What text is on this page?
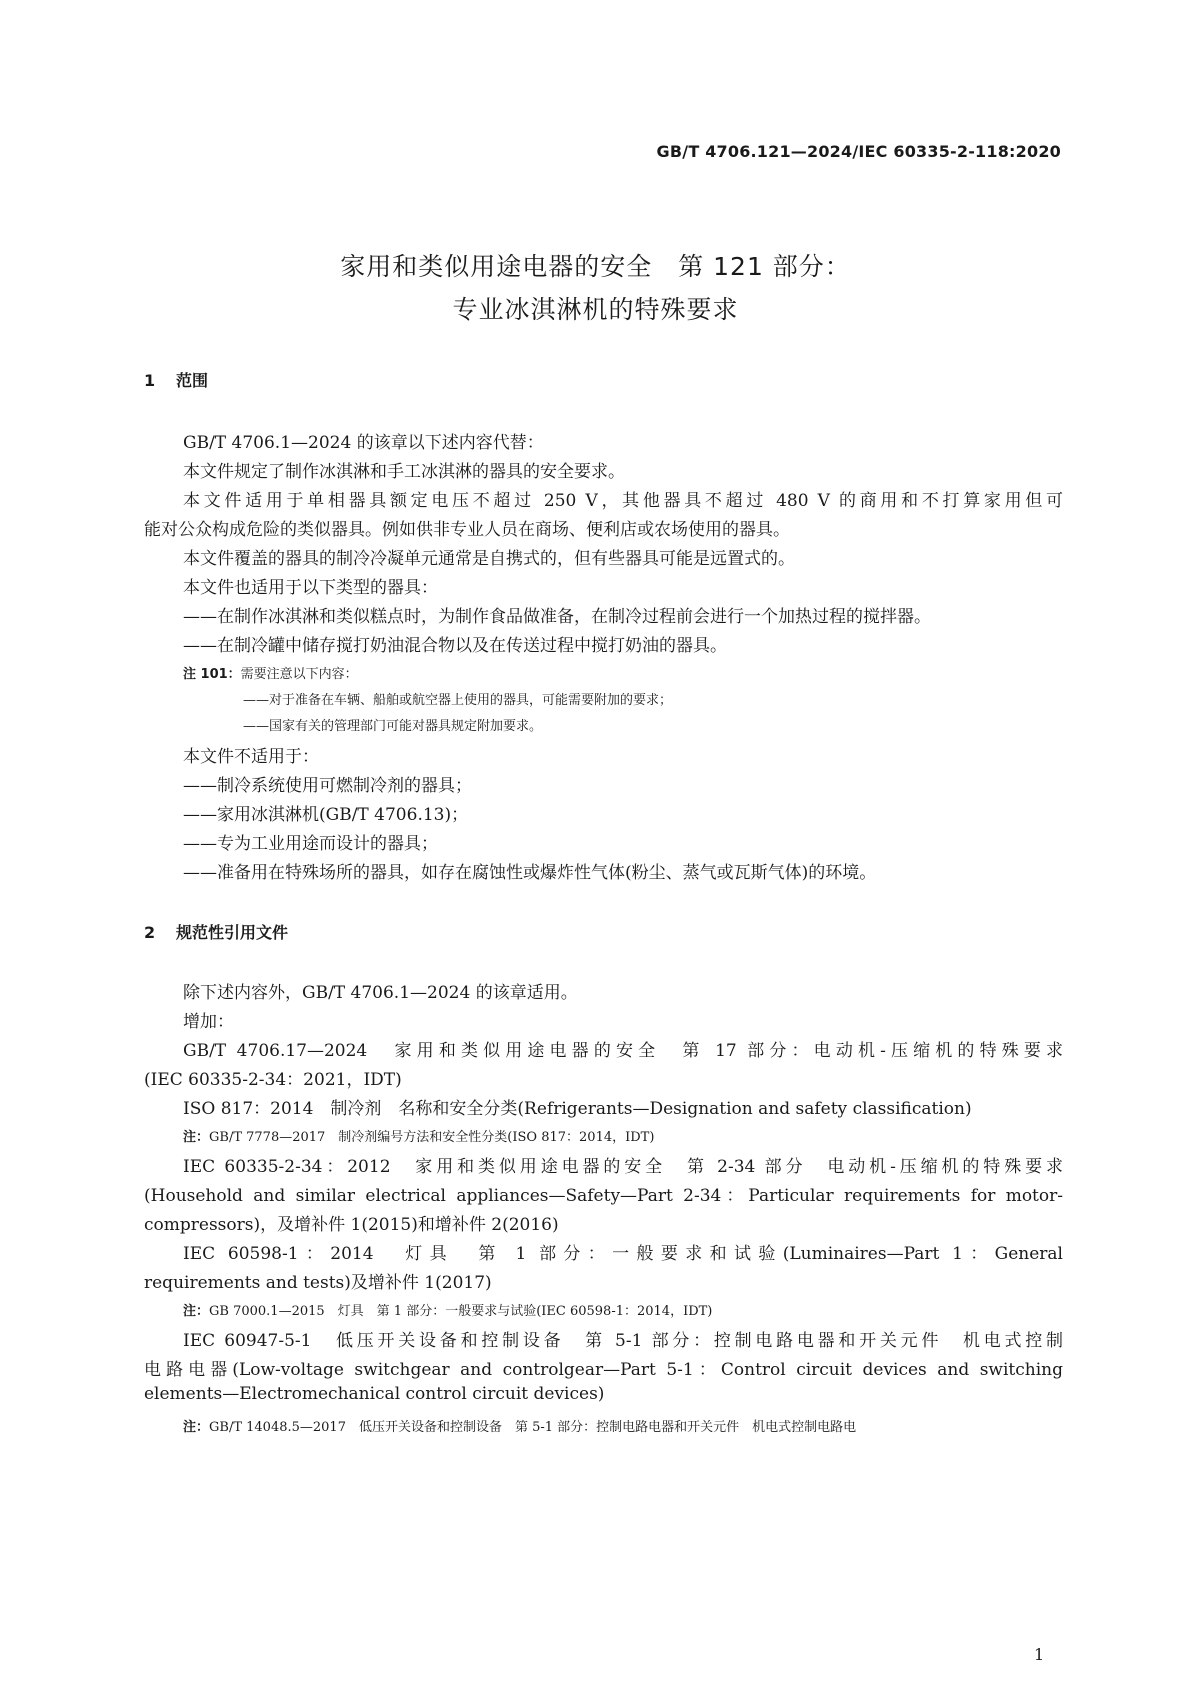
GB/T 4706.121—2024/IEC 60335-2-118:2020
家用和类似用途电器的安全　第 121 部分：
专业冰淇淋机的特殊要求
1 范围
GB/T 4706.1—2024 的该章以下述内容代替：
本文件规定了制作冰淇淋和手工冰淇淋的器具的安全要求。
本文件适用于单相器具额定电压不超过 250 V，其他器具不超过 480 V 的商用和不打算家用但可
能对公众构成危险的类似器具。例如供非专业人员在商场、便利店或农场使用的器具。
本文件覆盖的器具的制冷冷凝单元通常是自携式的，但有些器具可能是远置式的。
本文件也适用于以下类型的器具：
——在制作冰淇淋和类似糕点时，为制作食品做准备，在制冷过程前会进行一个加热过程的搅拌器。
——在制冷罐中储存搅打奶油混合物以及在传送过程中搅打奶油的器具。
注 101：需要注意以下内容：
——对于准备在车辆、船舶或航空器上使用的器具，可能需要附加的要求；
——国家有关的管理部门可能对器具规定附加要求。
本文件不适用于：
——制冷系统使用可燃制冷剂的器具；
——家用冰淇淋机(GB/T 4706.13)；
——专为工业用途而设计的器具；
——准备用在特殊场所的器具，如存在腐蚀性或爆炸性气体(粉尘、蒸气或瓦斯气体)的环境。
2 规范性引用文件
除下述内容外，GB/T 4706.1—2024 的该章适用。
增加：
GB/T 4706.17—2024　家用和类似用途电器的安全　第 17 部分：电动机-压缩机的特殊要求
(IEC 60335-2-34：2021，IDT)
ISO 817：2014　制冷剂　名称和安全分类(Refrigerants—Designation and safety classification)
注：GB/T 7778—2017　制冷剂编号方法和安全性分类(ISO 817：2014，IDT)
IEC 60335-2-34：2012　家用和类似用途电器的安全　第 2-34 部分　电动机-压缩机的特殊要求
(Household and similar electrical appliances—Safety—Part 2-34：Particular requirements for motor-
compressors)，及增补件 1(2015)和增补件 2(2016)
IEC 60598-1：2014　灯具　第 1 部分：一般要求和试验(Luminaires—Part 1：General
requirements and tests)及增补件 1(2017)
注：GB 7000.1—2015　灯具　第 1 部分：一般要求与试验(IEC 60598-1：2014，IDT)
IEC 60947-5-1　低压开关设备和控制设备　第 5-1 部分：控制电路电器和开关元件　机电式控制
电路电器(Low-voltage switchgear and controlgear—Part 5-1：Control circuit devices and switching
elements—Electromechanical control circuit devices)
注：GB/T 14048.5—2017　低压开关设备和控制设备　第 5-1 部分：控制电路电器和开关元件　机电式控制电路电
1
